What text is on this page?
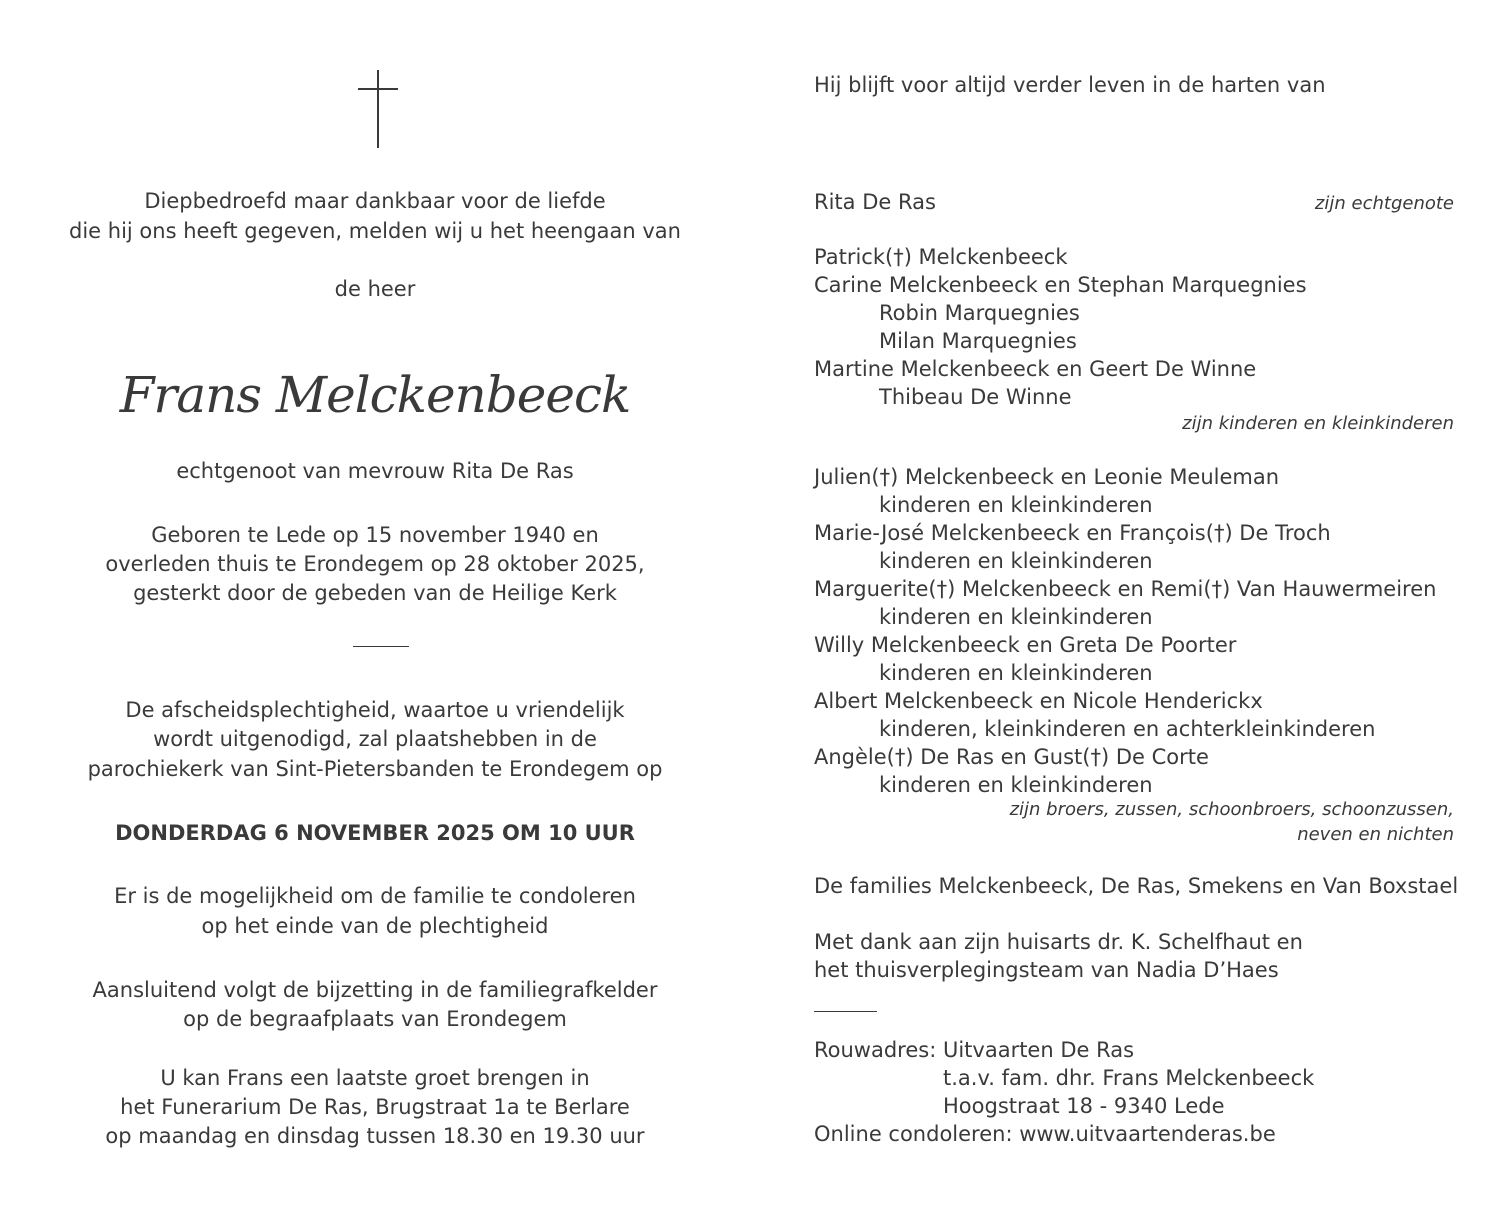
Diepbedroefd maar dankbaar voor de liefde
die hij ons heeft gegeven, melden wij u het heengaan van
de heer
Frans Melckenbeeck
echtgenoot van mevrouw Rita De Ras
Geboren te Lede op 15 november 1940 en
overleden thuis te Erondegem op 28 oktober 2025,
gesterkt door de gebeden van de Heilige Kerk
De afscheidsplechtigheid, waartoe u vriendelijk
wordt uitgenodigd, zal plaatshebben in de
parochiekerk van Sint-Pietersbanden te Erondegem op
DONDERDAG 6 NOVEMBER 2025 OM 10 UUR
Er is de mogelijkheid om de familie te condoleren
op het einde van de plechtigheid
Aansluitend volgt de bijzetting in de familiegrafkelder
op de begraafplaats van Erondegem
U kan Frans een laatste groet brengen in
het Funerarium De Ras, Brugstraat 1a te Berlare
op maandag en dinsdag tussen 18.30 en 19.30 uur
Hij blijft voor altijd verder leven in de harten van
Rita De Ras	zijn echtgenote
Patrick(†) Melckenbeeck
Carine Melckenbeeck en Stephan Marquegnies
Robin Marquegnies
Milan Marquegnies
Martine Melckenbeeck en Geert De Winne
Thibeau De Winne
zijn kinderen en kleinkinderen
Julien(†) Melckenbeeck en Leonie Meuleman
kinderen en kleinkinderen
Marie-José Melckenbeeck en François(†) De Troch
kinderen en kleinkinderen
Marguerite(†) Melckenbeeck en Remi(†) Van Hauwermeiren
kinderen en kleinkinderen
Willy Melckenbeeck en Greta De Poorter
kinderen en kleinkinderen
Albert Melckenbeeck en Nicole Henderickx
kinderen, kleinkinderen en achterkleinkinderen
Angèle(†) De Ras en Gust(†) De Corte
kinderen en kleinkinderen
zijn broers, zussen, schoonbroers, schoonzussen,
neven en nichten
De families Melckenbeeck, De Ras, Smekens en Van Boxstael
Met dank aan zijn huisarts dr. K. Schelfhaut en
het thuisverplegingsteam van Nadia D’Haes
Rouwadres: Uitvaarten De Ras
t.a.v. fam. dhr. Frans Melckenbeeck
Hoogstraat 18 - 9340 Lede
Online condoleren: www.uitvaartenderas.be
